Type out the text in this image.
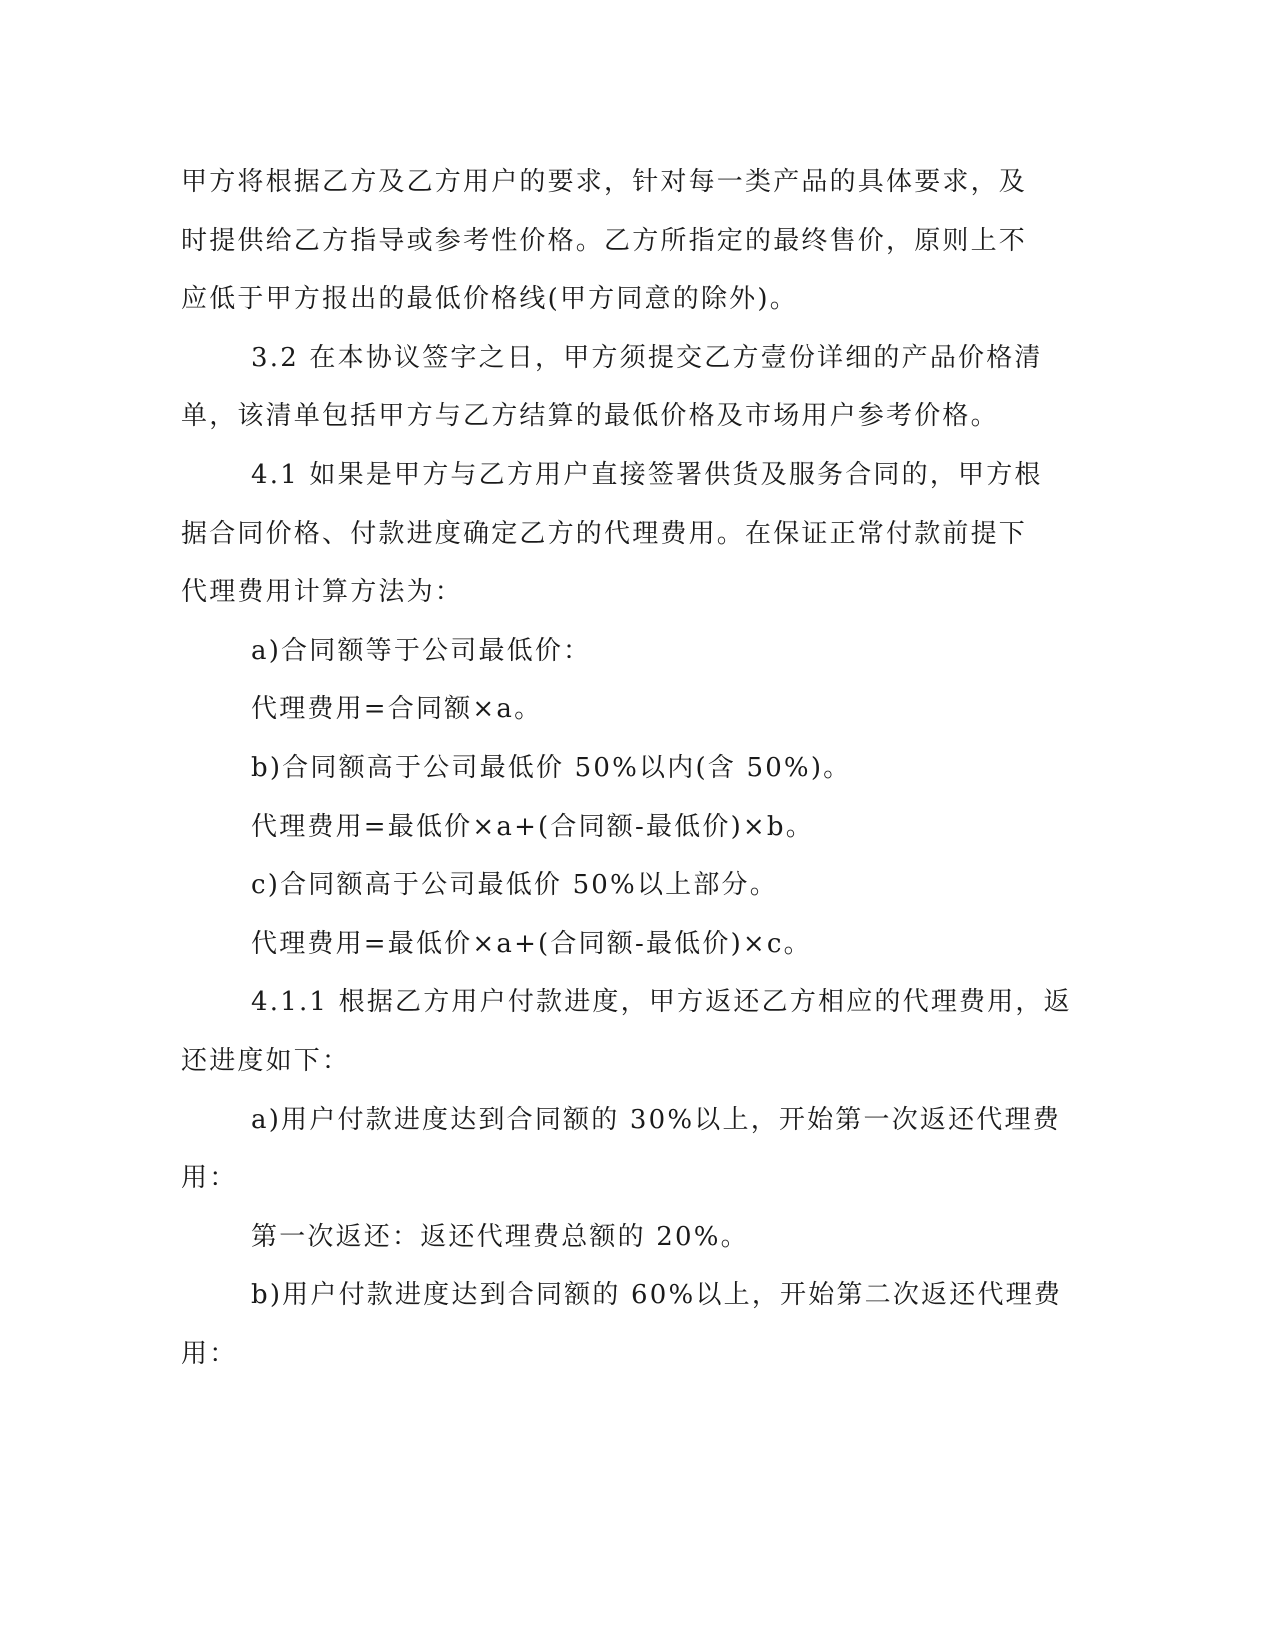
甲方将根据乙方及乙方用户的要求，针对每一类产品的具体要求，及
时提供给乙方指导或参考性价格。乙方所指定的最终售价，原则上不
应低于甲方报出的最低价格线(甲方同意的除外)。
3.2 在本协议签字之日，甲方须提交乙方壹份详细的产品价格清
单，该清单包括甲方与乙方结算的最低价格及市场用户参考价格。
4.1 如果是甲方与乙方用户直接签署供货及服务合同的，甲方根
据合同价格、付款进度确定乙方的代理费用。在保证正常付款前提下
代理费用计算方法为：
a)合同额等于公司最低价：
代理费用=合同额×a。
b)合同额高于公司最低价 50%以内(含 50%)。
代理费用=最低价×a+(合同额-最低价)×b。
c)合同额高于公司最低价 50%以上部分。
代理费用=最低价×a+(合同额-最低价)×c。
4.1.1 根据乙方用户付款进度，甲方返还乙方相应的代理费用，返
还进度如下：
a)用户付款进度达到合同额的 30%以上，开始第一次返还代理费
用：
第一次返还：返还代理费总额的 20%。
b)用户付款进度达到合同额的 60%以上，开始第二次返还代理费
用：
